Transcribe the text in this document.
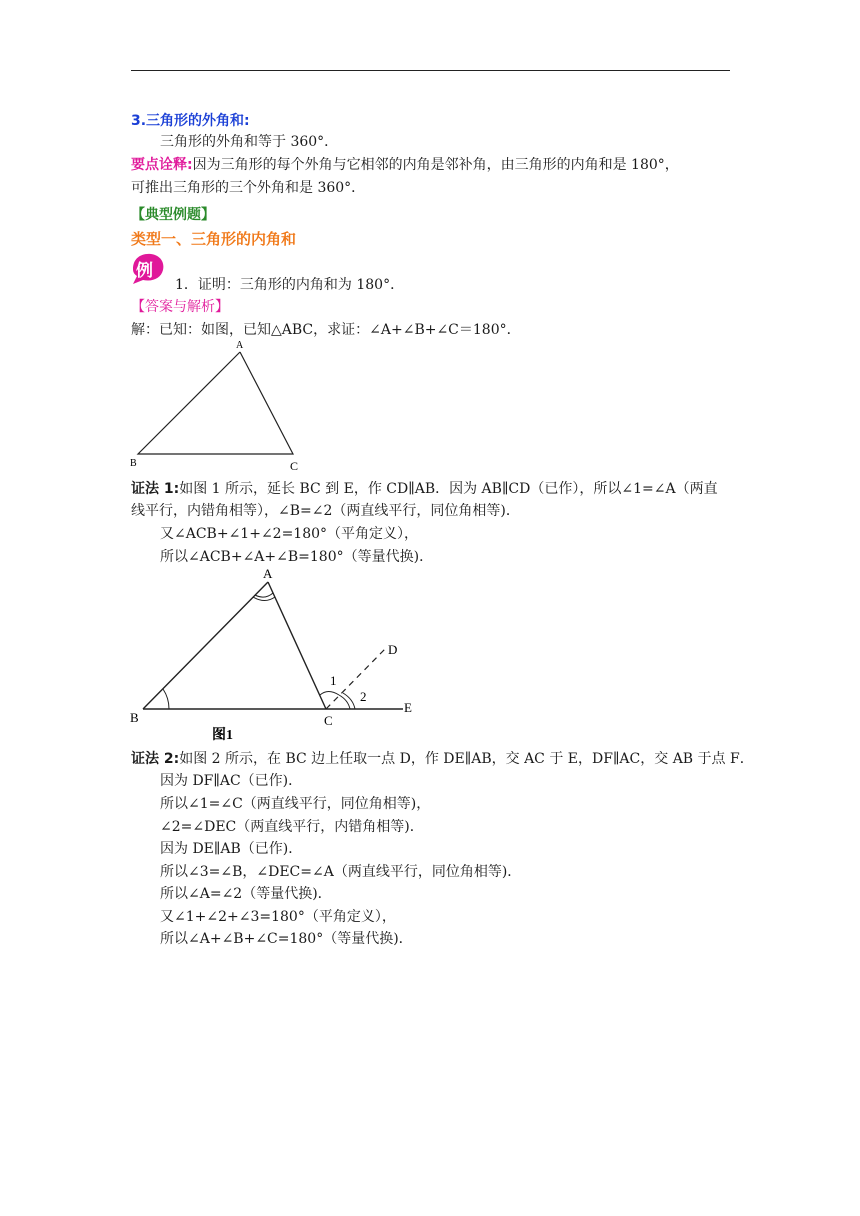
3.三角形的外角和:
三角形的外角和等于 360°．
要点诠释:因为三角形的每个外角与它相邻的内角是邻补角，由三角形的内角和是 180°，
可推出三角形的三个外角和是 360°．
【典型例题】
类型一、三角形的内角和
例
1．证明：三角形的内角和为 180°．
【答案与解析】
解：已知：如图，已知△ABC，求证：∠A+∠B+∠C＝180°．
A
B	C
证法 1:如图 1 所示，延长 BC 到 E，作 CD∥AB．因为 AB∥CD（已作），所以∠1=∠A（两直
线平行，内错角相等），∠B=∠2（两直线平行，同位角相等)．
又∠ACB+∠1+∠2=180°（平角定义），
所以∠ACB+∠A+∠B=180°（等量代换)．
A
B	C
D
E
1
2
图1
证法 2:如图 2 所示，在 BC 边上任取一点 D，作 DE∥AB，交 AC 于 E，DF∥AC，交 AB 于点 F．
因为 DF∥AC（已作)．
所以∠1=∠C（两直线平行，同位角相等)，
∠2=∠DEC（两直线平行，内错角相等)．
因为 DE∥AB（已作)．
所以∠3=∠B，∠DEC=∠A（两直线平行，同位角相等)．
所以∠A=∠2（等量代换)．
又∠1+∠2+∠3=180°（平角定义），
所以∠A+∠B+∠C=180°（等量代换)．
